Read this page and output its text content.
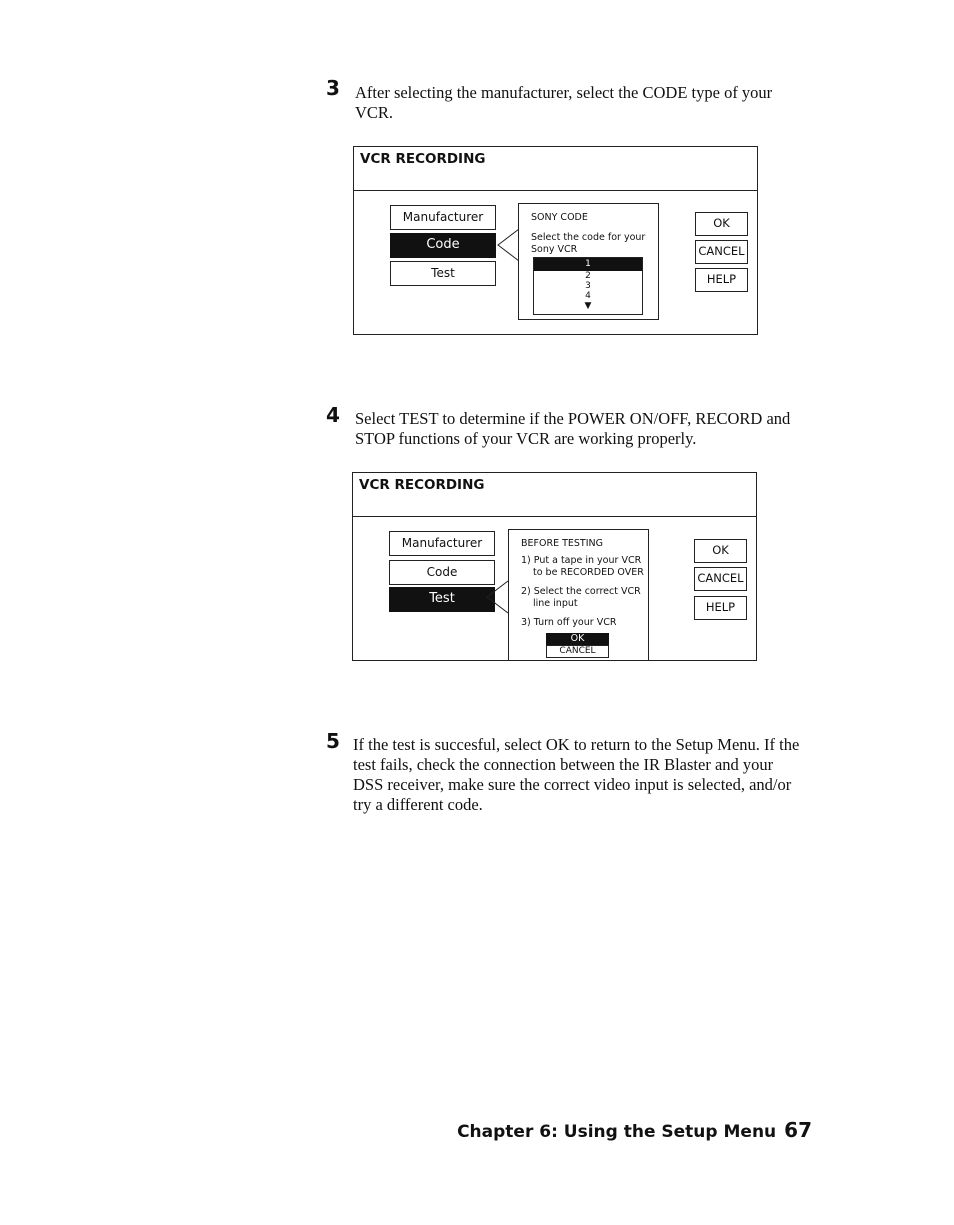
3 After selecting the manufacturer, select the CODE type of your
VCR.
VCR RECORDING
Manufacturer
Code
Test
SONY CODE
Select the code for your
Sony VCR
1
2
3
4
▼
OK
CANCEL
HELP
4 Select TEST to determine if the POWER ON/OFF, RECORD and
STOP functions of your VCR are working properly.
VCR RECORDING
Manufacturer
Code
Test
BEFORE TESTING
1) Put a tape in your VCR
to be RECORDED OVER
2) Select the correct VCR
line input
3) Turn off your VCR
OK
CANCEL
OK
CANCEL
HELP
5 If the test is succesful, select OK to return to the Setup Menu. If the
test fails, check the connection between the IR Blaster and your
DSS receiver, make sure the correct video input is selected, and/or
try a different code.
Chapter 6: Using the Setup Menu 67
